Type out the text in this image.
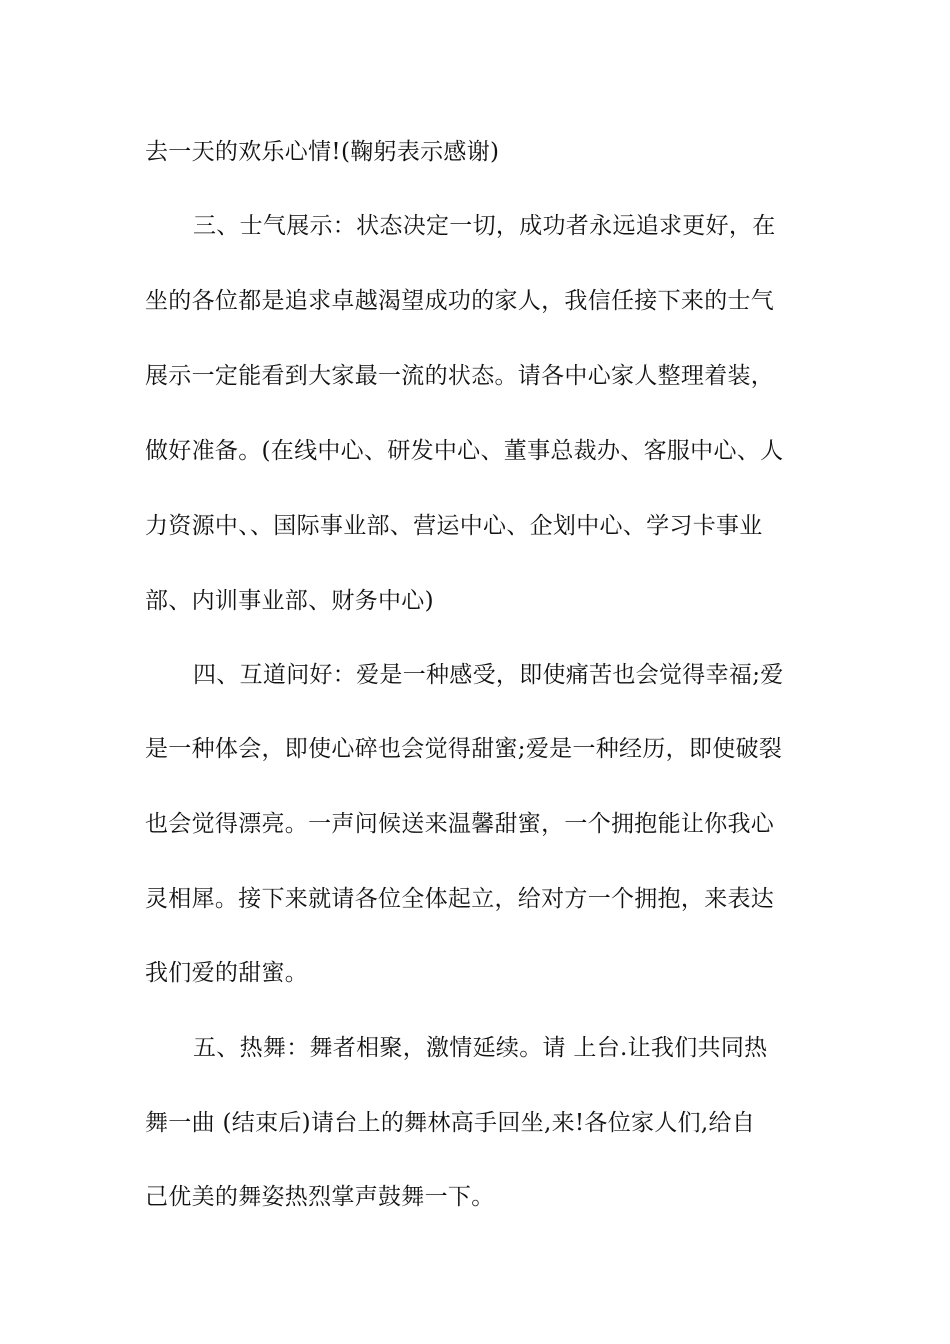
去一天的欢乐心情!(鞠躬表示感谢)
三、士气展示：状态决定一切，成功者永远追求更好，在
坐的各位都是追求卓越渴望成功的家人，我信任接下来的士气
展示一定能看到大家最一流的状态。请各中心家人整理着装，
做好准备。(在线中心、研发中心、董事总裁办、客服中心、人
力资源中、、国际事业部、营运中心、企划中心、学习卡事业
部、内训事业部、财务中心)
四、互道问好：爱是一种感受，即使痛苦也会觉得幸福;爱
是一种体会，即使心碎也会觉得甜蜜;爱是一种经历，即使破裂
也会觉得漂亮。一声问候送来温馨甜蜜，一个拥抱能让你我心
灵相犀。接下来就请各位全体起立，给对方一个拥抱，来表达
我们爱的甜蜜。
五、热舞：舞者相聚，激情延续。请 上台.让我们共同热
舞一曲 (结束后)请台上的舞林高手回坐,来!各位家人们,给自
己优美的舞姿热烈掌声鼓舞一下。
